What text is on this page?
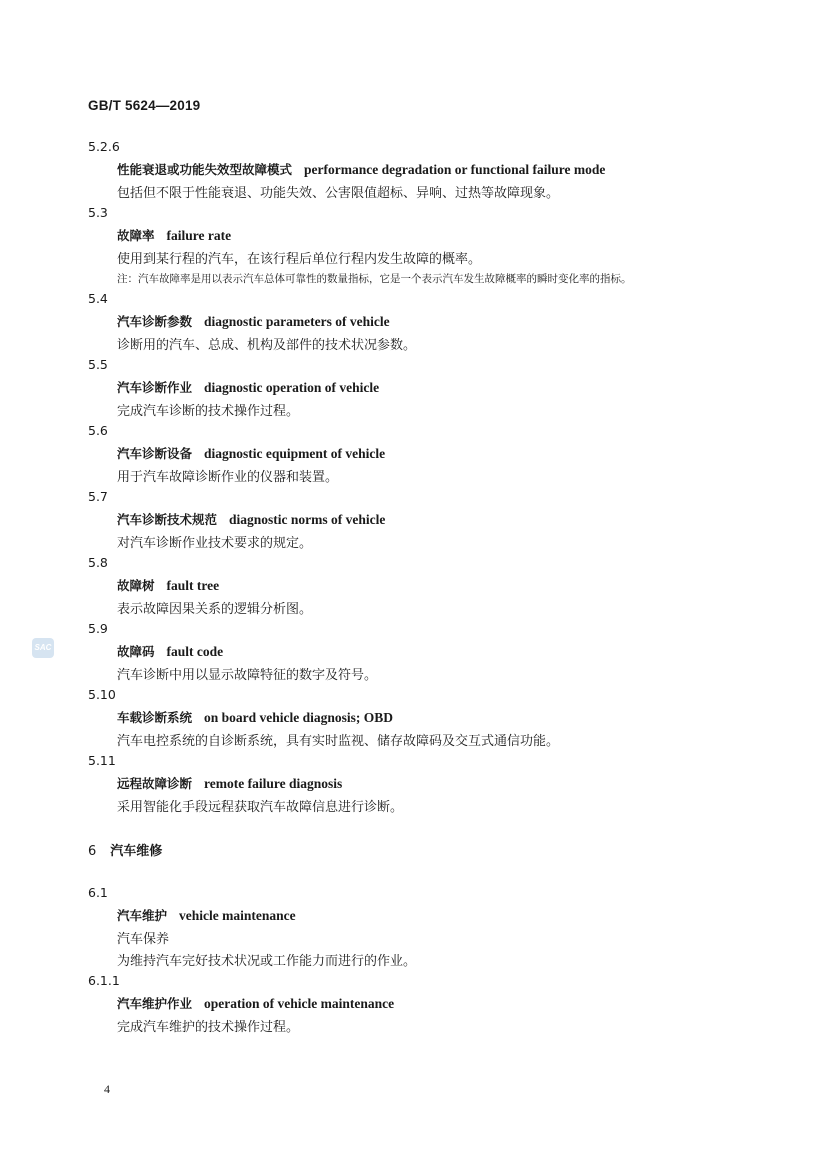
GB/T 5624—2019
5.2.6
性能衰退或功能失效型故障模式 performance degradation or functional failure mode
包括但不限于性能衰退、功能失效、公害限值超标、异响、过热等故障现象。
5.3
故障率 failure rate
使用到某行程的汽车，在该行程后单位行程内发生故障的概率。
注：汽车故障率是用以表示汽车总体可靠性的数量指标，它是一个表示汽车发生故障概率的瞬时变化率的指标。
5.4
汽车诊断参数 diagnostic parameters of vehicle
诊断用的汽车、总成、机构及部件的技术状况参数。
5.5
汽车诊断作业 diagnostic operation of vehicle
完成汽车诊断的技术操作过程。
5.6
汽车诊断设备 diagnostic equipment of vehicle
用于汽车故障诊断作业的仪器和装置。
5.7
汽车诊断技术规范 diagnostic norms of vehicle
对汽车诊断作业技术要求的规定。
5.8
故障树 fault tree
表示故障因果关系的逻辑分析图。
5.9
故障码 fault code
汽车诊断中用以显示故障特征的数字及符号。
5.10
车载诊断系统 on board vehicle diagnosis; OBD
汽车电控系统的自诊断系统，具有实时监视、储存故障码及交互式通信功能。
5.11
远程故障诊断 remote failure diagnosis
采用智能化手段远程获取汽车故障信息进行诊断。
6 汽车维修
6.1
汽车维护 vehicle maintenance
汽车保养
为维持汽车完好技术状况或工作能力而进行的作业。
6.1.1
汽车维护作业 operation of vehicle maintenance
完成汽车维护的技术操作过程。
4
SAC
